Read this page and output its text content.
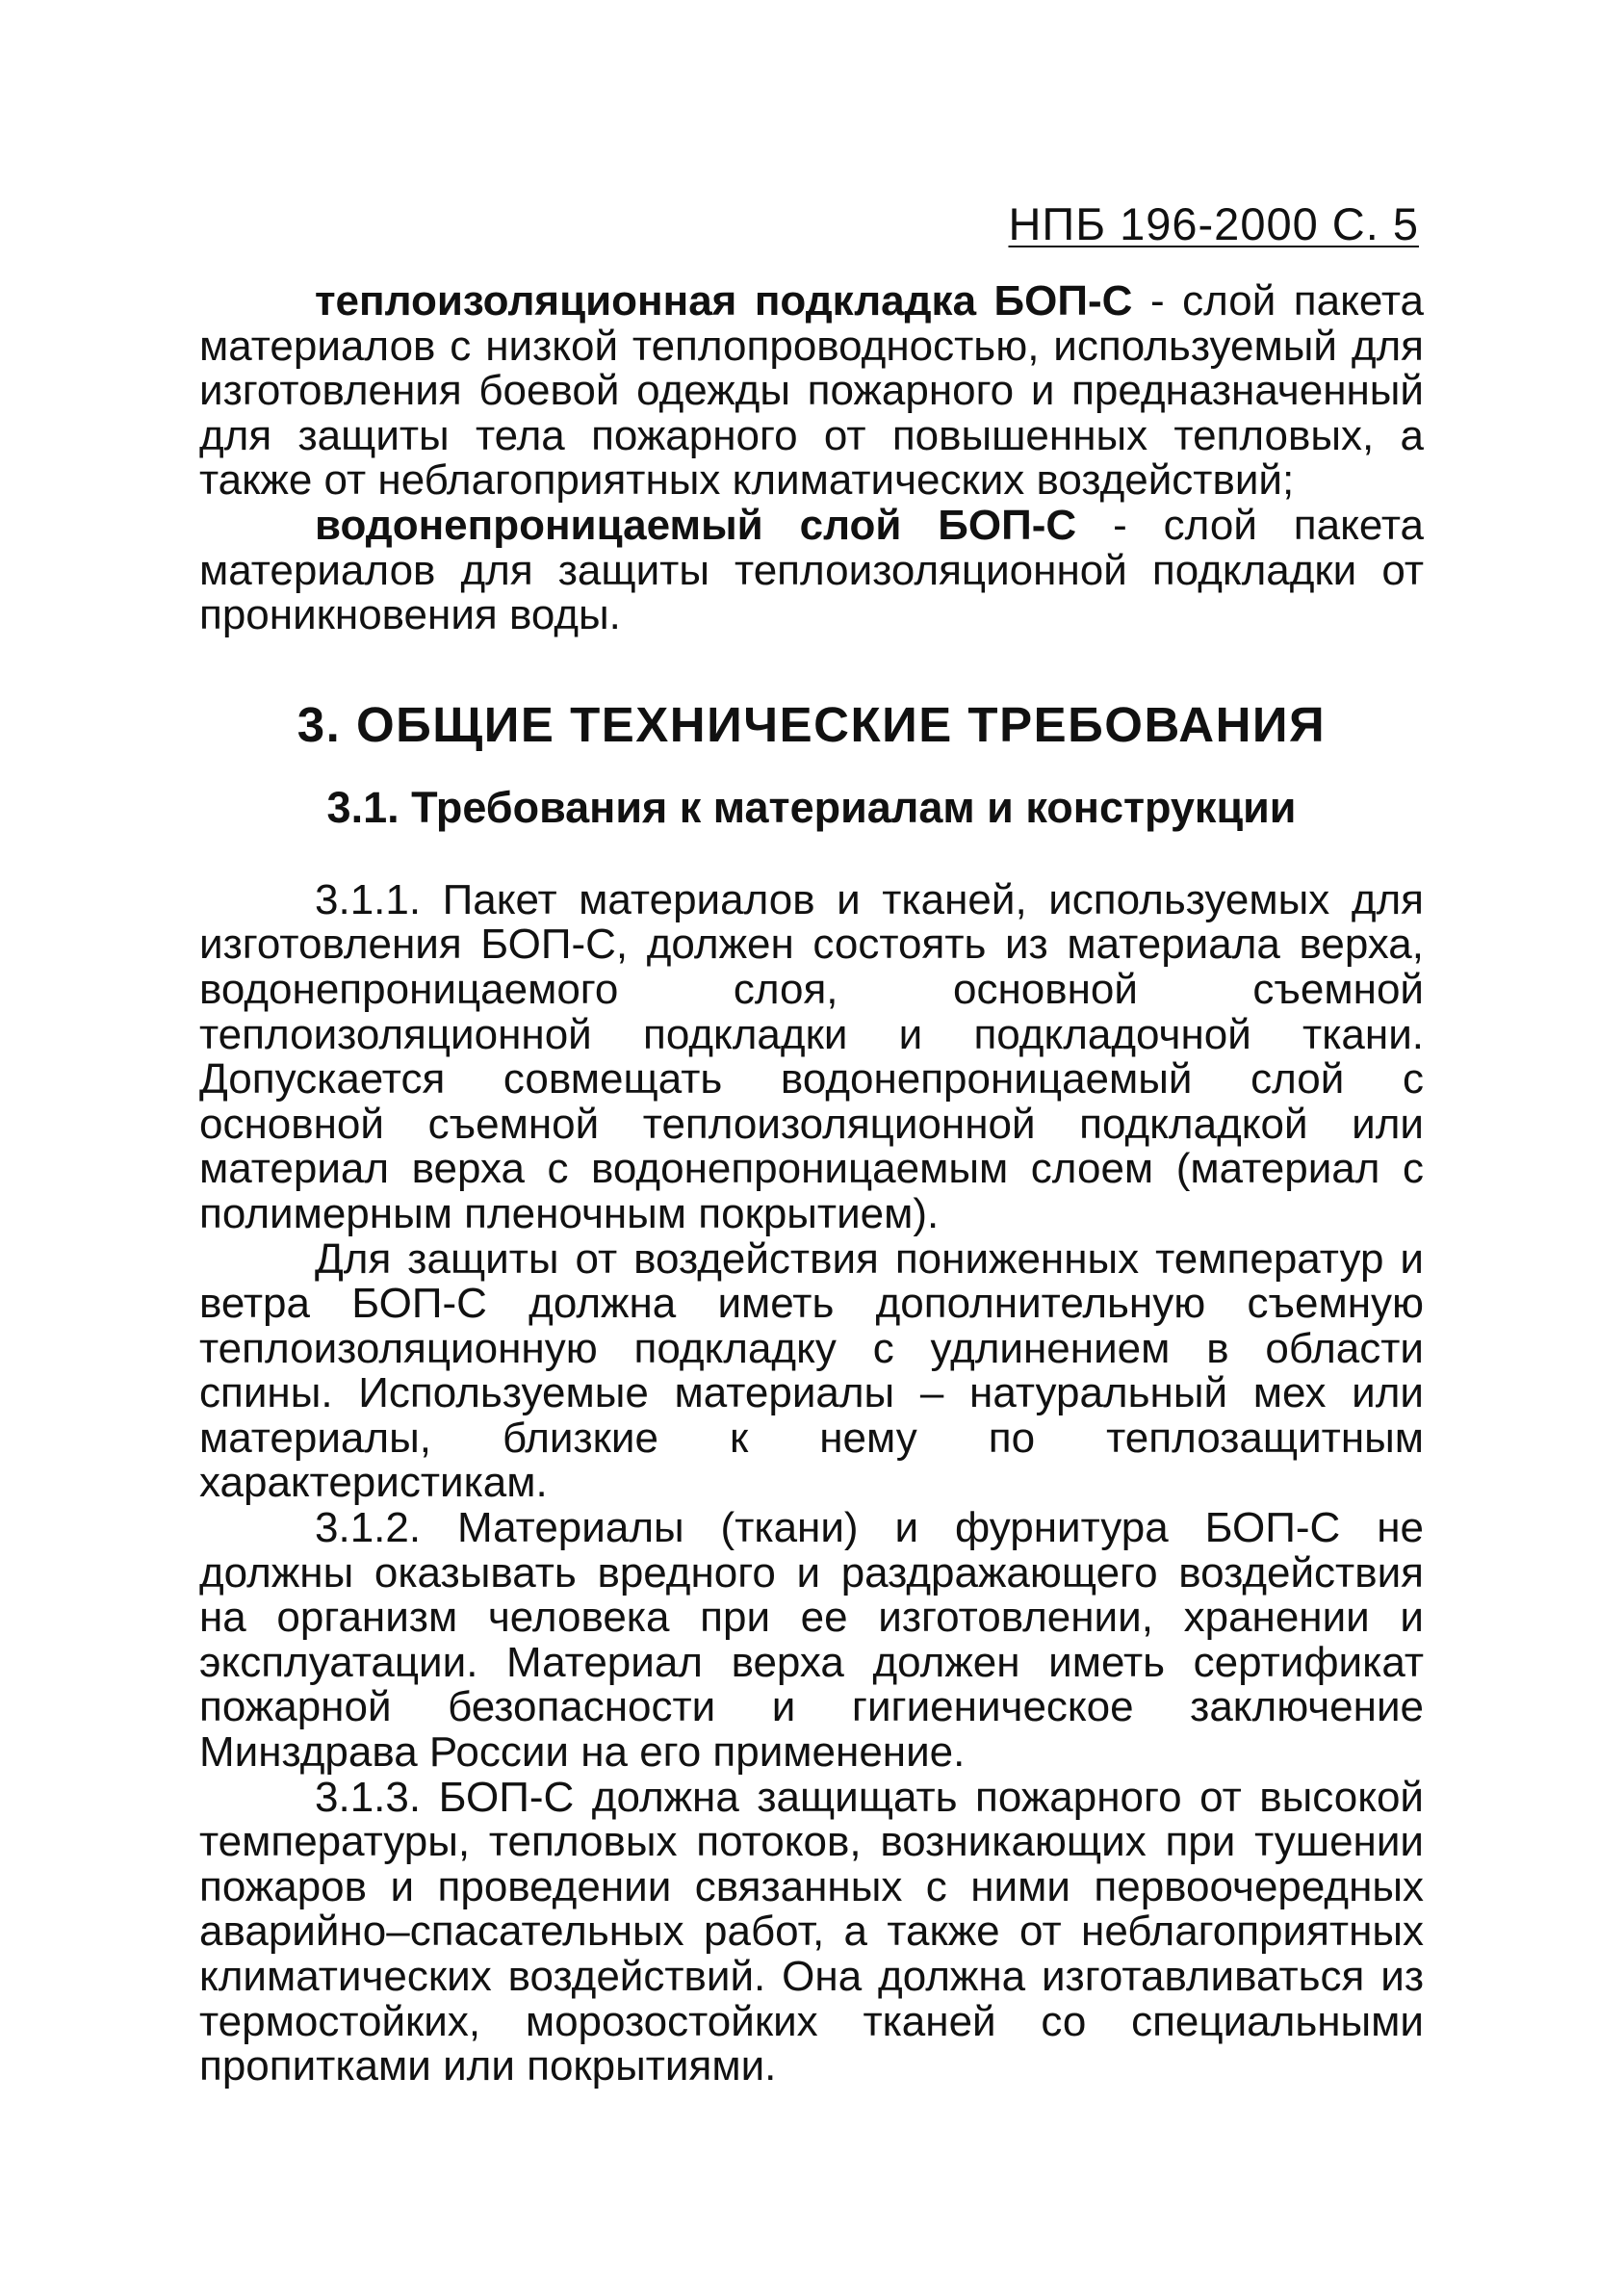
НПБ 196-2000 С. 5

теплоизоляционная подкладка БОП-С - слой пакета материалов с низкой теплопроводностью, используемый для изготовления боевой одежды пожарного и предназначенный для защиты тела пожарного от повышенных тепловых, а также от неблагоприятных климатических воздействий;

водонепроницаемый слой БОП-С - слой пакета материалов для защиты теплоизоляционной подкладки от проникновения воды.

3. ОБЩИЕ ТЕХНИЧЕСКИЕ ТРЕБОВАНИЯ
3.1. Требования к материалам и конструкции

3.1.1. Пакет материалов и тканей, используемых для изготовления БОП-С, должен состоять из материала верха, водонепроницаемого слоя, основной съемной теплоизоляционной подкладки и подкладочной ткани. Допускается совмещать водонепроницаемый слой с основной съемной теплоизоляционной подкладкой или материал верха с водонепроницаемым слоем (материал с полимерным пленочным покрытием).

Для защиты от воздействия пониженных температур и ветра БОП-С должна иметь дополнительную съемную теплоизоляционную подкладку с удлинением в области спины. Используемые материалы – натуральный мех или материалы, близкие к нему по теплозащитным характеристикам.

3.1.2. Материалы (ткани) и фурнитура БОП-С не должны оказывать вредного и раздражающего воздействия на организм человека при ее изготовлении, хранении и эксплуатации. Материал верха должен иметь сертификат пожарной безопасности и гигиеническое заключение Минздрава России на его применение.

3.1.3. БОП-С должна защищать пожарного от высокой температуры, тепловых потоков, возникающих при тушении пожаров и проведении связанных с ними первоочередных аварийно–спасательных работ, а также от неблагоприятных климатических воздействий. Она должна изготавливаться из термостойких, морозостойких тканей со специальными пропитками или покрытиями.
